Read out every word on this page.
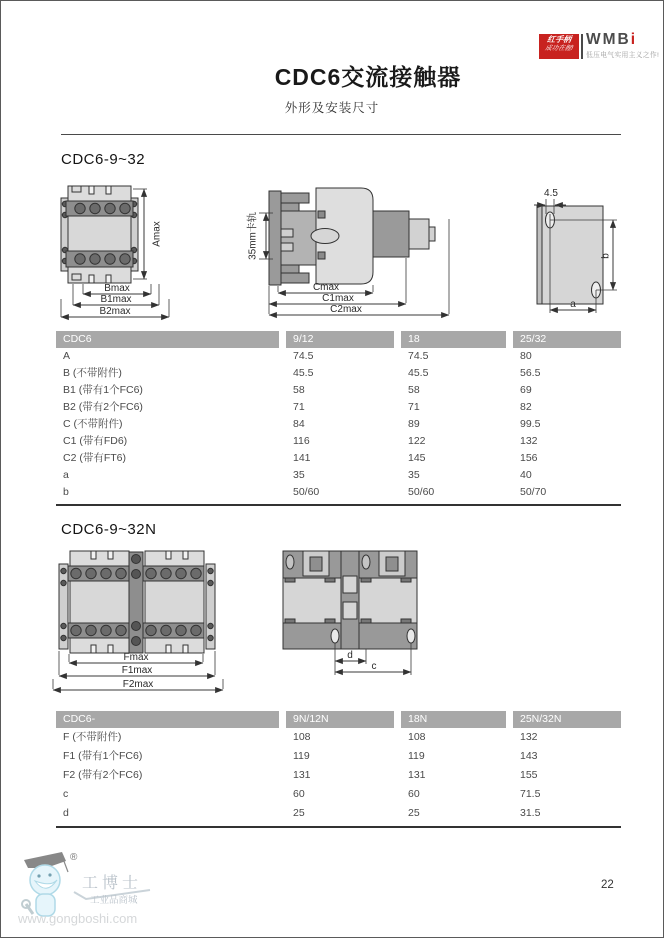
红手柄
成功在握!
WMBi
低压电气实用主义之作!
CDC6交流接触器
外形及安装尺寸
CDC6-9~32
Amax
Bmax
B1max
B2max
35mm卡轨
Cmax
C1max
C2max
4.5
b
a
CDC6	9/12	18	25/32
A	74.5	74.5	80
B (不带附件)	45.5	45.5	56.5
B1 (带有1个FC6)	58	58	69
B2 (带有2个FC6)	71	71	82
C (不带附件)	84	89	99.5
C1 (带有FD6)	116	122	132
C2 (带有FT6)	141	145	156
a	35	35	40
b	50/60	50/60	50/70
CDC6-9~32N
Fmax
F1max
F2max
d
c
CDC6-	9N/12N	18N	25N/32N
F (不带附件)	108	108	132
F1 (带有1个FC6)	119	119	143
F2 (带有2个FC6)	131	131	155
c	60	60	71.5
d	25	25	31.5
®
工 博 士
工业品商城
www.gongboshi.com
22
